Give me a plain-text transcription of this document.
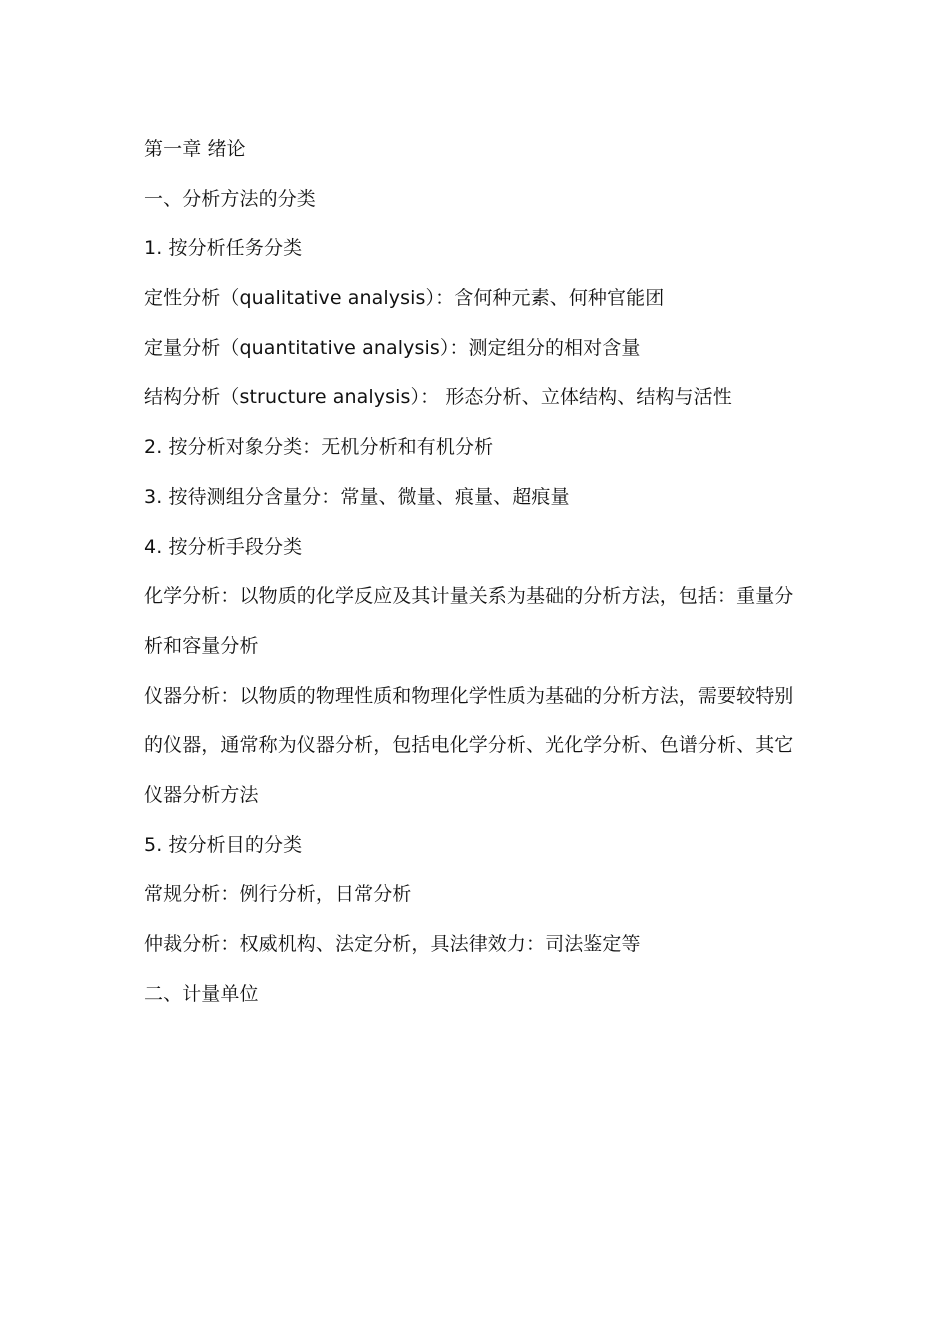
第一章 绪论
一、分析方法的分类
1. 按分析任务分类
定性分析（qualitative analysis）：含何种元素、何种官能团
定量分析（quantitative analysis）：测定组分的相对含量
结构分析（structure analysis）： 形态分析、立体结构、结构与活性
2. 按分析对象分类：无机分析和有机分析
3. 按待测组分含量分：常量、微量、痕量、超痕量
4. 按分析手段分类
化学分析：以物质的化学反应及其计量关系为基础的分析方法，包括：重量分
析和容量分析
仪器分析：以物质的物理性质和物理化学性质为基础的分析方法，需要较特别
的仪器，通常称为仪器分析，包括电化学分析、光化学分析、色谱分析、其它
仪器分析方法
5. 按分析目的分类
常规分析：例行分析，日常分析
仲裁分析：权威机构、法定分析，具法律效力：司法鉴定等
二、计量单位
